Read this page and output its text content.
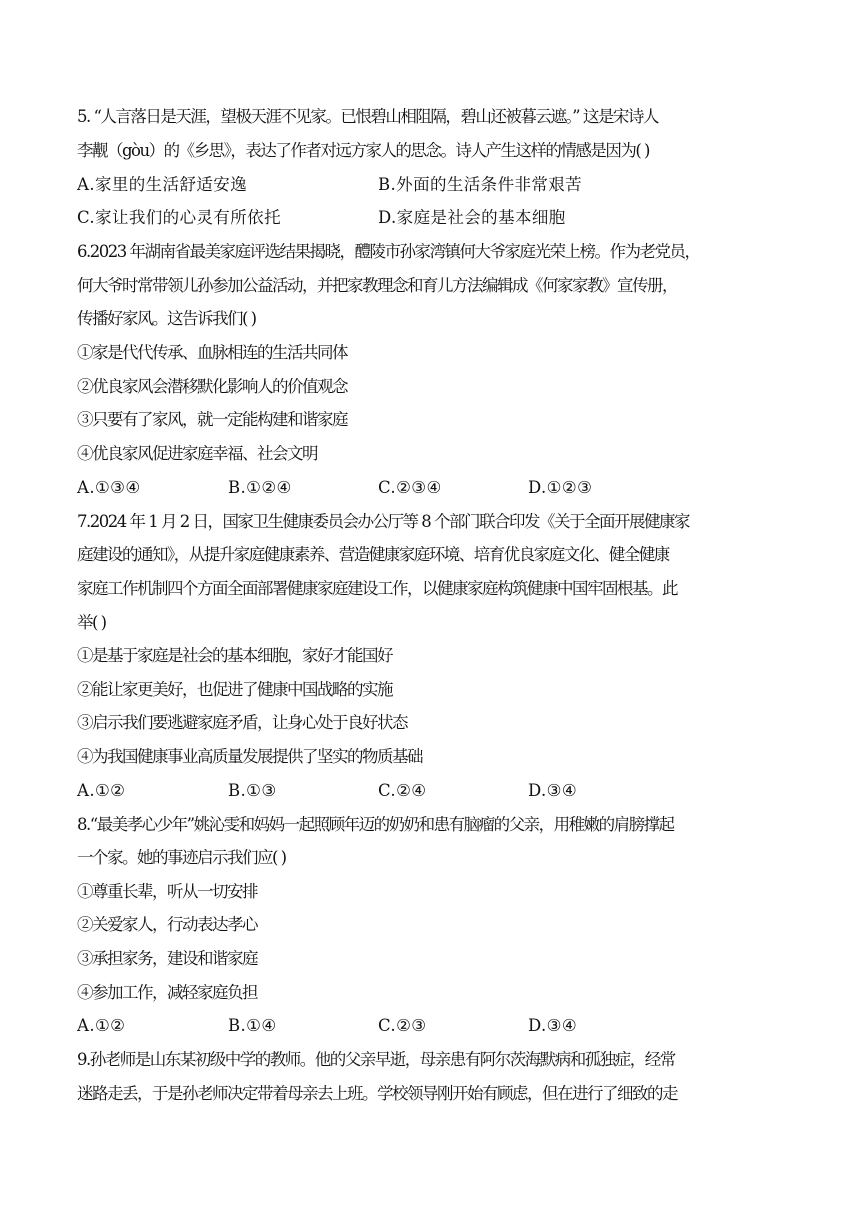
5. “人言落日是天涯，望极天涯不见家。已恨碧山相阻隔，碧山还被暮云遮。” 这是宋诗人
李觏（gòu）的《乡思》，表达了作者对远方家人的思念。诗人产生这样的情感是因为( )
A.家里的生活舒适安逸	B.外面的生活条件非常艰苦
C.家让我们的心灵有所依托	D.家庭是社会的基本细胞
6.2023 年湖南省最美家庭评选结果揭晓，醴陵市孙家湾镇何大爷家庭光荣上榜。作为老党员，
何大爷时常带领儿孙参加公益活动，并把家教理念和育儿方法编辑成《何家家教》宣传册，
传播好家风。这告诉我们( )
①家是代代传承、血脉相连的生活共同体
②优良家风会潜移默化影响人的价值观念
③只要有了家风，就一定能构建和谐家庭
④优良家风促进家庭幸福、社会文明
A.①③④	B.①②④	C.②③④	D.①②③
7.2024 年 1 月 2 日，国家卫生健康委员会办公厅等 8 个部门联合印发《关于全面开展健康家
庭建设的通知》，从提升家庭健康素养、营造健康家庭环境、培育优良家庭文化、健全健康
家庭工作机制四个方面全面部署健康家庭建设工作，以健康家庭构筑健康中国牢固根基。此
举( )
①是基于家庭是社会的基本细胞，家好才能国好
②能让家更美好，也促进了健康中国战略的实施
③启示我们要逃避家庭矛盾，让身心处于良好状态
④为我国健康事业高质量发展提供了坚实的物质基础
A.①②	B.①③	C.②④	D.③④
8.“最美孝心少年”姚沁雯和妈妈一起照顾年迈的奶奶和患有脑瘤的父亲，用稚嫩的肩膀撑起
一个家。她的事迹启示我们应( )
①尊重长辈，听从一切安排
②关爱家人，行动表达孝心
③承担家务，建设和谐家庭
④参加工作，减轻家庭负担
A.①②	B.①④	C.②③	D.③④
9.孙老师是山东某初级中学的教师。他的父亲早逝，母亲患有阿尔茨海默病和孤独症，经常
迷路走丢，于是孙老师决定带着母亲去上班。学校领导刚开始有顾虑，但在进行了细致的走
